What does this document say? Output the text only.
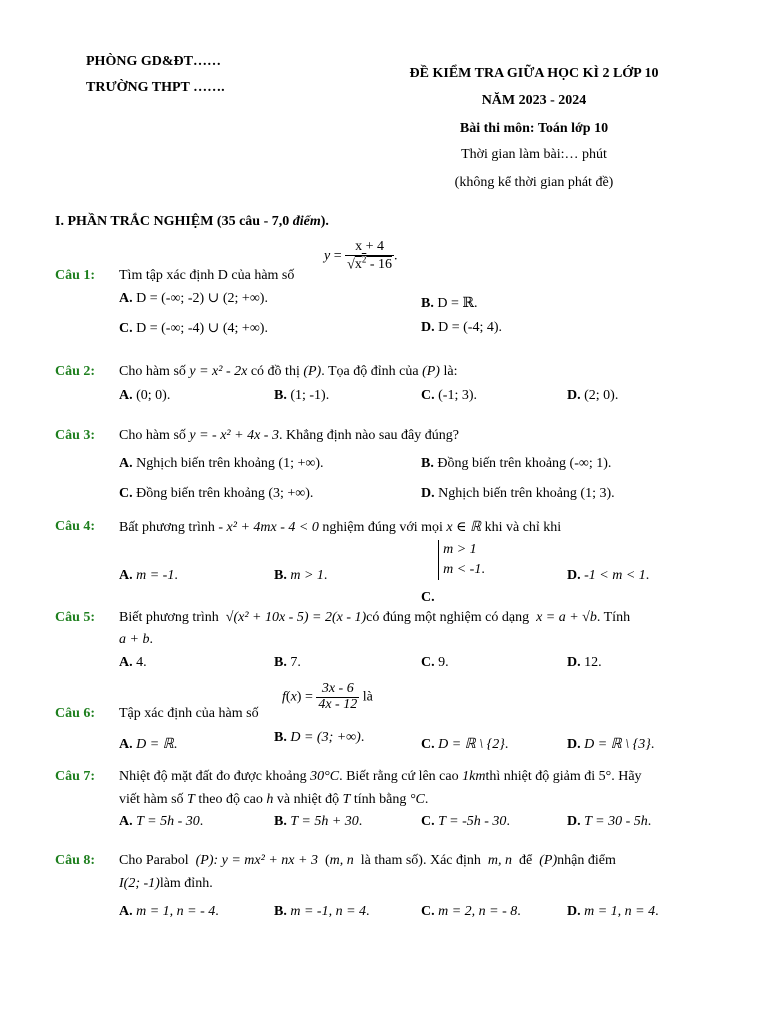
PHÒNG GD&ĐT……
TRƯỜNG THPT …….
ĐỀ KIỂM TRA GIỮA HỌC KÌ 2 LỚP 10
NĂM 2023 - 2024
Bài thi môn: Toán lớp 10
Thời gian làm bài:… phút
(không kể thời gian phát đề)
I. PHẦN TRẮC NGHIỆM (35 câu - 7,0 điểm).
Câu 1: Tìm tập xác định D của hàm số
$y = \frac{x + 4}{√x^2 - 16}$ .
A. D = (-∞; -2) ∪ (2; +∞).	B. D = ℝ.
C. D = (-∞; -4) ∪ (4; +∞).	D. D = (-4; 4).
Câu 2: Cho hàm số y = x² - 2x có đồ thị (P). Tọa độ đỉnh của (P) là:
A. (0; 0).	B. (1; -1).	C. (-1; 3).	D. (2; 0).
Câu 3: Cho hàm số y = - x² + 4x - 3. Khẳng định nào sau đây đúng?
A. Nghịch biến trên khoảng (1; +∞).	B. Đồng biến trên khoảng (-∞; 1).
C. Đồng biến trên khoảng (3; +∞).	D. Nghịch biến trên khoảng (1; 3).
Câu 4: Bất phương trình - x² + 4mx - 4 < 0 nghiệm đúng với mọi x ∈ ℝ khi và chỉ khi
A. m = -1.	B. m > 1.
C. m > 1
m < -1.	D. -1 < m < 1.
Câu 5: Biết phương trình √(x² + 10x - 5) = 2(x - 1)có đúng một nghiệm có dạng x = a + √b. Tính
a + b.
A. 4.	B. 7.	C. 9.	D. 12.
Câu 6: Tập xác định của hàm số
$f(x) = \frac{3x - 6}{4x - 12}$ là
A. D = ℝ.	B. D = (3; +∞).	C. D = ℝ \ {2}.	D. D = ℝ \ {3}.
Câu 7: Nhiệt độ mặt đất đo được khoảng 30°C. Biết rằng cứ lên cao 1kmthì nhiệt độ giảm đi 5°. Hãy
viết hàm số T theo độ cao h và nhiệt độ T tính bằng °C.
A. T = 5h - 30.	B. T = 5h + 30.	C. T = -5h - 30.	D. T = 30 - 5h.
Câu 8: Cho Parabol (P): y = mx² + nx + 3 (m, n là tham số). Xác định m, n để (P)nhận điểm
I(2; -1)làm đỉnh.
A. m = 1, n = - 4.	B. m = -1, n = 4.	C. m = 2, n = - 8.	D. m = 1, n = 4.
